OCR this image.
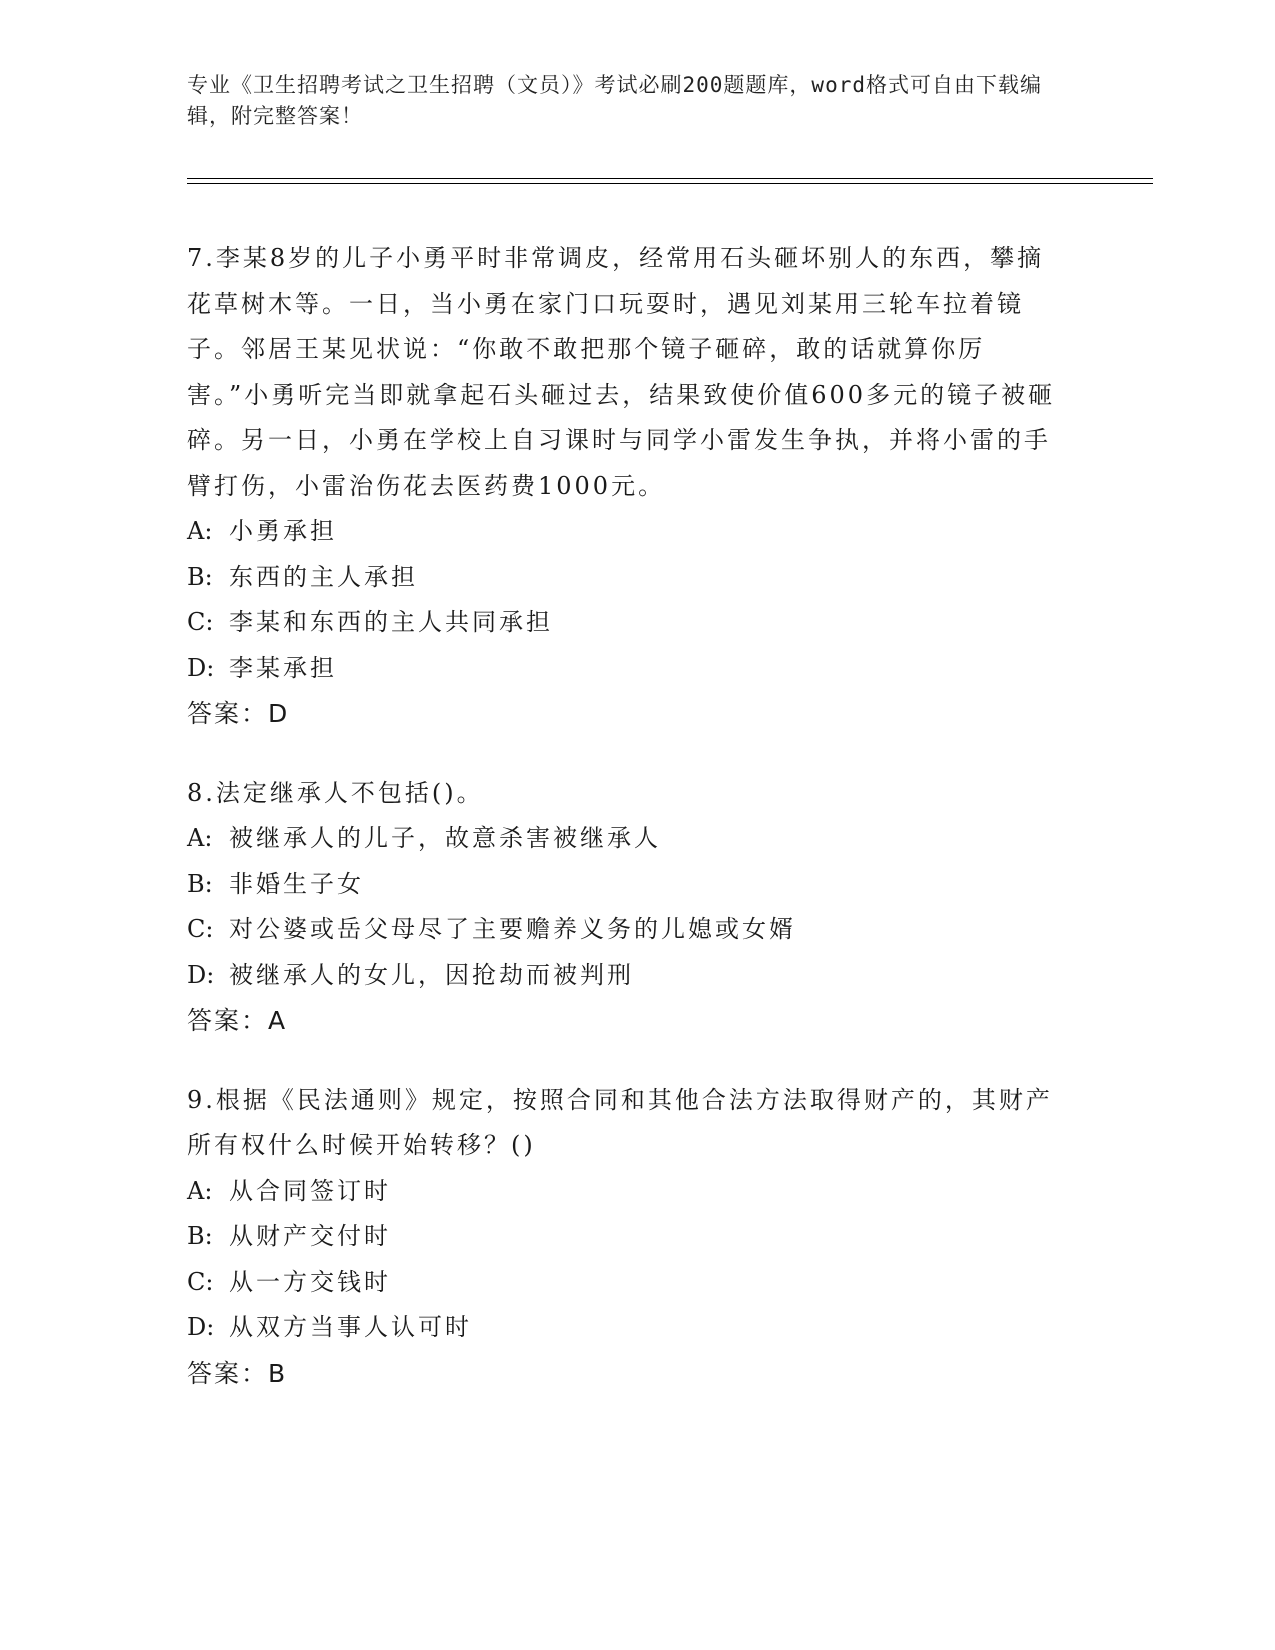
专业《卫生招聘考试之卫生招聘（文员）》考试必刷200题题库，word格式可自由下载编辑，附完整答案！

7.李某8岁的儿子小勇平时非常调皮，经常用石头砸坏别人的东西，攀摘花草树木等。一日，当小勇在家门口玩耍时，遇见刘某用三轮车拉着镜子。邻居王某见状说：“你敢不敢把那个镜子砸碎，敢的话就算你厉害。”小勇听完当即就拿起石头砸过去，结果致使价值600多元的镜子被砸碎。另一日，小勇在学校上自习课时与同学小雷发生争执，并将小雷的手臂打伤，小雷治伤花去医药费1000元。

A: 小勇承担

B: 东西的主人承担

C: 李某和东西的主人共同承担

D: 李某承担

答案：D

8.法定继承人不包括()。

A: 被继承人的儿子，故意杀害被继承人

B: 非婚生子女

C: 对公婆或岳父母尽了主要赡养义务的儿媳或女婿

D: 被继承人的女儿，因抢劫而被判刑

答案：A

9.根据《民法通则》规定，按照合同和其他合法方法取得财产的，其财产所有权什么时候开始转移？()

A: 从合同签订时

B: 从财产交付时

C: 从一方交钱时

D: 从双方当事人认可时

答案：B
